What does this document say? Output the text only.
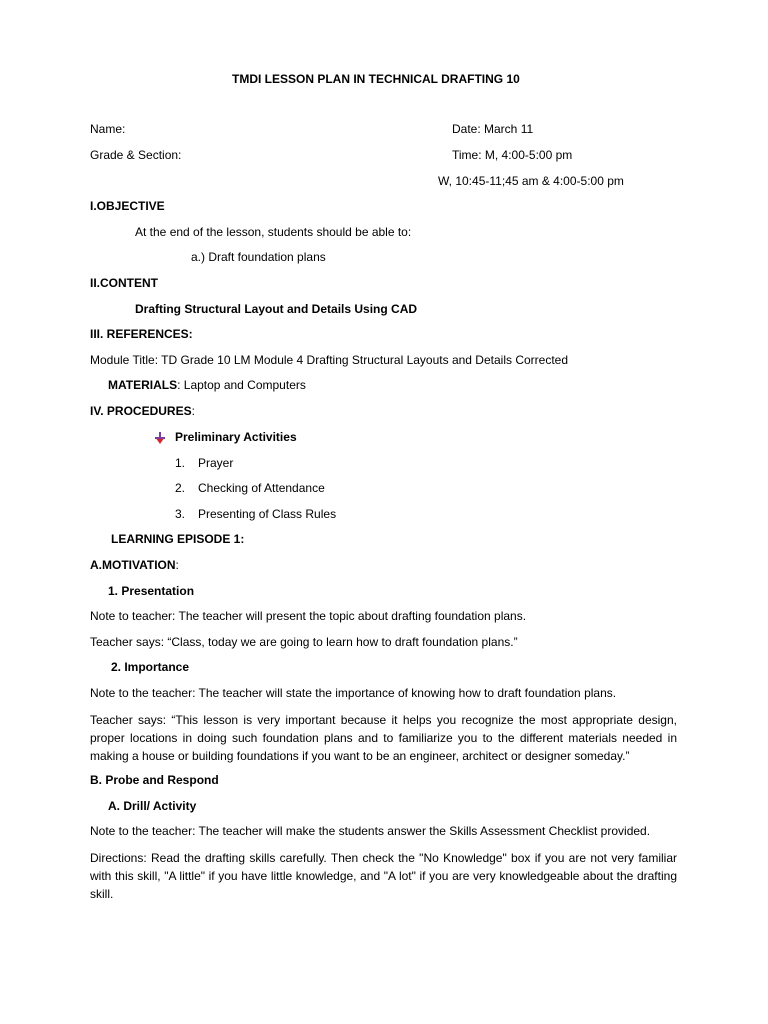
TMDI LESSON PLAN IN TECHNICAL DRAFTING 10
Name:	Date: March 11
Grade & Section:	Time: M, 4:00-5:00 pm
W, 10:45-11;45 am & 4:00-5:00 pm
I.OBJECTIVE
At the end of the lesson, students should be able to:
a.) Draft foundation plans
II.CONTENT
Drafting Structural Layout and Details Using CAD
III. REFERENCES:
Module Title: TD Grade 10 LM Module 4 Drafting Structural Layouts and Details Corrected
MATERIALS: Laptop and Computers
IV. PROCEDURES:
Preliminary Activities
1. Prayer
2. Checking of Attendance
3. Presenting of Class Rules
LEARNING EPISODE 1:
A.MOTIVATION:
1. Presentation
Note to teacher: The teacher will present the topic about drafting foundation plans.
Teacher says: “Class, today we are going to learn how to draft foundation plans.”
2. Importance
Note to the teacher: The teacher will state the importance of knowing how to draft foundation plans.
Teacher says: “This lesson is very important because it helps you recognize the most appropriate design, proper locations in doing such foundation plans and to familiarize you to the different materials needed in making a house or building foundations if you want to be an engineer, architect or designer someday.”
B. Probe and Respond
A. Drill/ Activity
Note to the teacher: The teacher will make the students answer the Skills Assessment Checklist provided.
Directions: Read the drafting skills carefully. Then check the "No Knowledge" box if you are not very familiar with this skill, "A little" if you have little knowledge, and "A lot" if you are very knowledgeable about the drafting skill.
